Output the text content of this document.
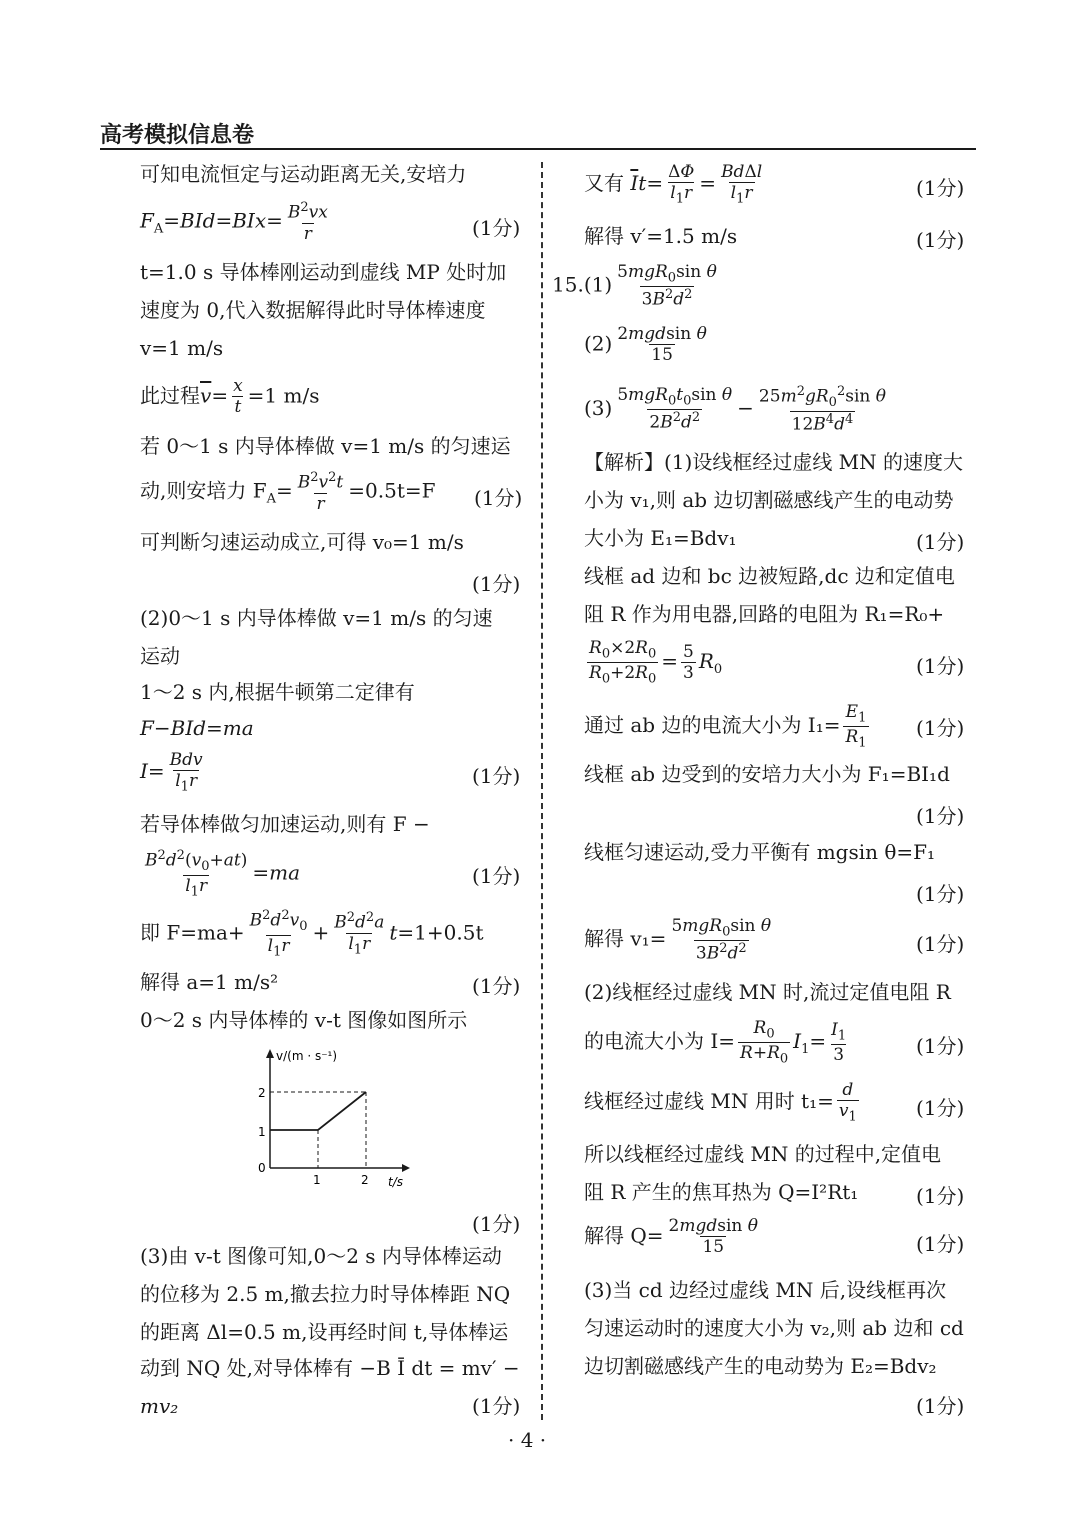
高考模拟信息卷
可知电流恒定与运动距离无关,安培力
$F_A=BId=BIx= \frac{B^2vx}{r}$	(1分)
t=1.0 s 导体棒刚运动到虚线 MP 处时加
速度为 0,代入数据解得此时导体棒速度
v=1 m/s
此过程$\overline{v}= \frac{x}{t} =1$ m/s
若 0～1 s 内导体棒做 v=1 m/s 的匀速运
动,则安培力 $F_A= \frac{B^2v^2t}{r} =0.5t=F$ (1分)
可判断匀速运动成立,可得 v₀=1 m/s
(1分)
(2)0～1 s 内导体棒做 v=1 m/s 的匀速
运动
1～2 s 内,根据牛顿第二定律有
F−BId=ma
I= Bdv
$l_1r$	(1分)
若导体棒做匀加速运动,则有 F −
$\frac{B^2d^2(v_0+at)}{l_1r} =ma$	(1分)
即 $F=ma+ \frac{B^2d^2v_0}{l_1r} + \frac{B^2d^2a}{l_1r} t=1+0.5t$
解得 a=1 m/s²	(1分)
0～2 s 内导体棒的 v-t 图像如图所示
v/(m · s⁻¹)
t/s
0
1
2
1	2
(1分)
(3)由 v-t 图像可知,0～2 s 内导体棒运动
的位移为 2.5 m,撤去拉力时导体棒距 NQ
的距离 Δl=0.5 m,设再经时间 t,导体棒运
动到 NQ 处,对导体棒有 −B Ī dt = mv′ −
mv₂	(1分)
又有 $\overline{I}t= \frac{\Delta\Phi}{l_1r} = Bd\Delta l$
$l_1r$	(1分)
解得 v′=1.5 m/s	(1分)
15.(1)
5mgR$_0$sin θ
$3B^2d^2$
(2) 2mgdsin θ
15
(3)
$5mgR_0t_0\sin$ θ
$2B^2d^2 - \frac{25m^2gR_0^2\sin \theta}{12B^4d^4}$
【解析】(1)设线框经过虚线 MN 的速度大
小为 v₁,则 ab 边切割磁感线产生的电动势
大小为 E₁=Bdv₁	(1分)
线框 ad 边和 bc 边被短路,dc 边和定值电
阻 R 作为用电器,回路的电阻为 R₁=R₀+
$\frac{R_0\times 2R_0}{R_0+2R_0} = \frac{5}{3} R_0$	(1分)
通过 ab 边的电流大小为 $I_1= \frac{E_1}{R_1} (1$分)
线框 ab 边受到的安培力大小为 F₁=BI₁d
(1分)
线框匀速运动,受力平衡有 mgsin θ=F₁
(1分)
解得 v₁=
5mgR$_0$sin θ
$3B^2d^2$	(1分)
(2)线框经过虚线 MN 时,流过定值电阻 R
的电流大小为 $I= \frac{R_0}{R+R_0} I_1= \frac{I_1}{3}$	(1分)
线框经过虚线 MN 用时 $t_1= \frac{d}{v_1}$	(1分)
所以线框经过虚线 MN 的过程中,定值电
阻 R 产生的焦耳热为 Q=I²Rt₁	(1分)
解得 Q= 2mgdsin θ
15	(1分)
(3)当 cd 边经过虚线 MN 后,设线框再次
匀速运动时的速度大小为 v₂,则 ab 边和 cd
边切割磁感线产生的电动势为 E₂=Bdv₂
(1分)
· 4 ·
